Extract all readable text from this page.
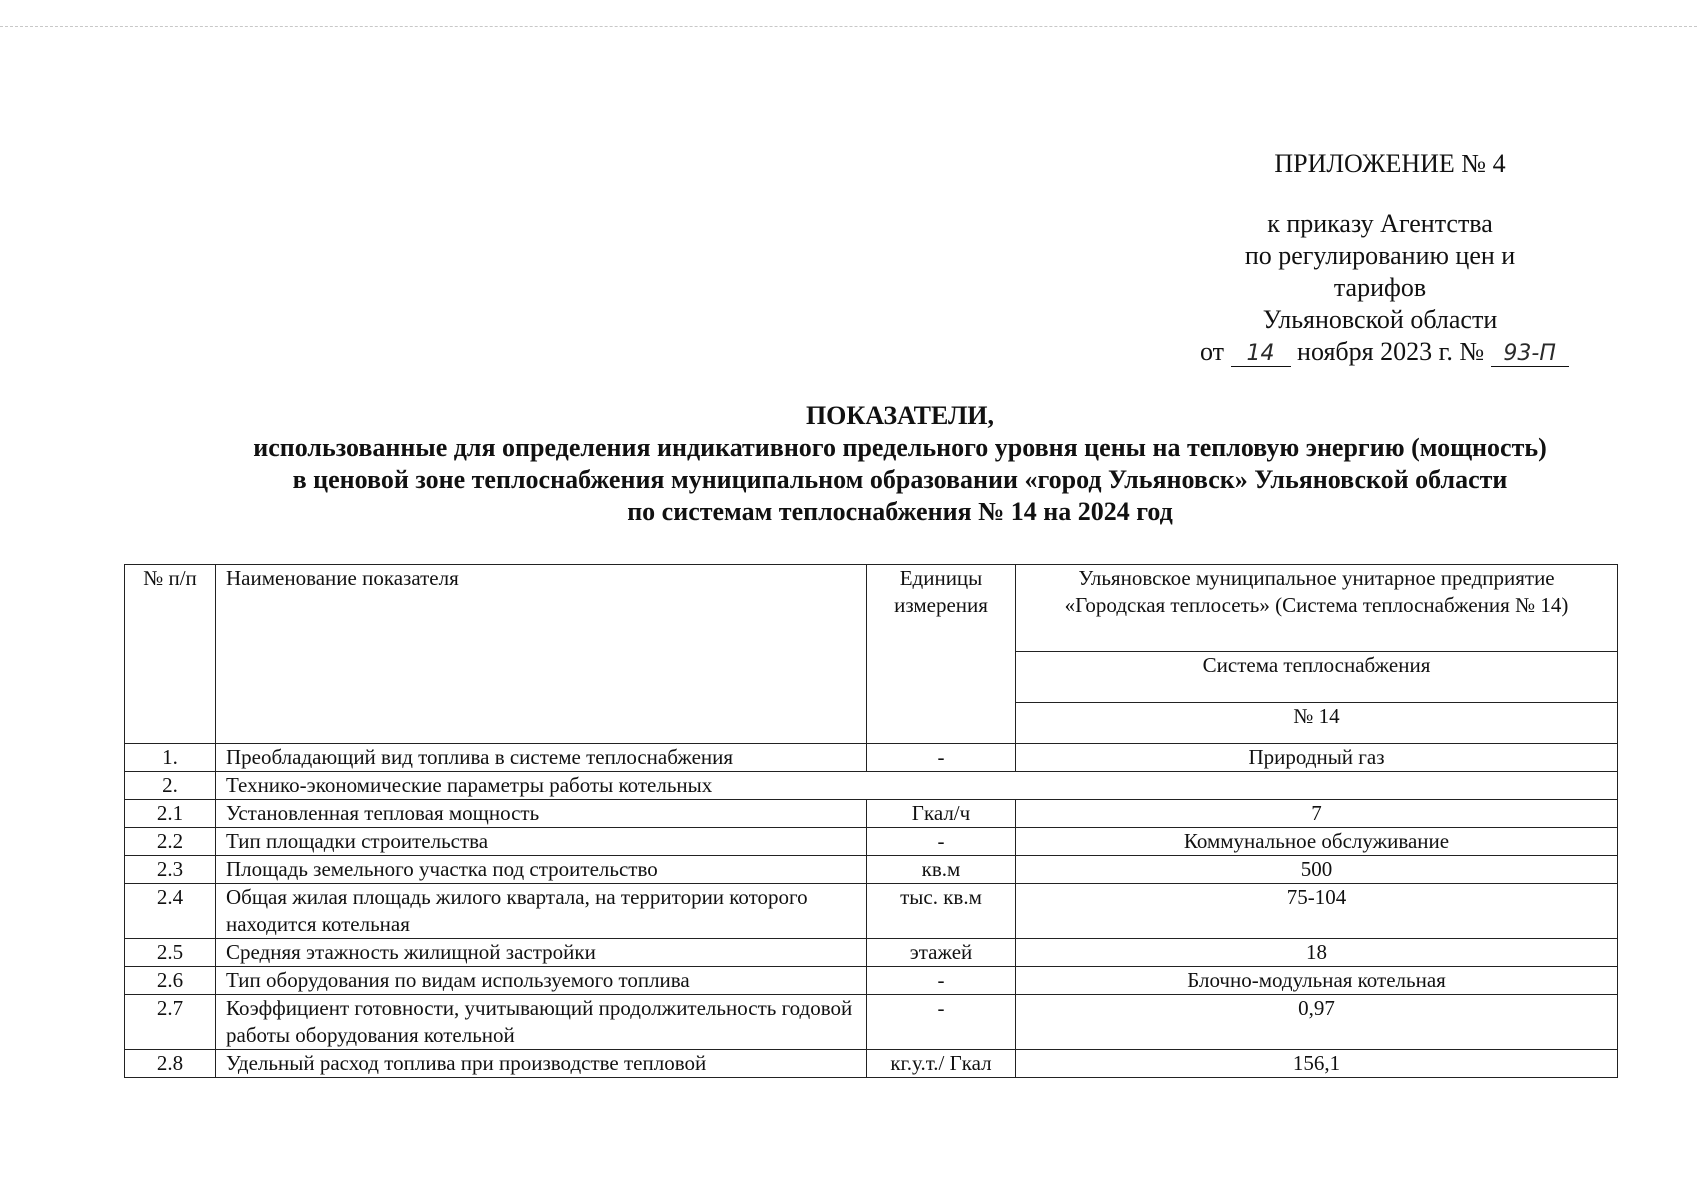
ПРИЛОЖЕНИЕ № 4
к приказу Агентства
по регулированию цен и тарифов
Ульяновской области
от 14 ноября 2023 г. № 93-П
ПОКАЗАТЕЛИ,
использованные для определения индикативного предельного уровня цены на тепловую энергию (мощность)
в ценовой зоне теплоснабжения муниципальном образовании «город Ульяновск» Ульяновской области
по системам теплоснабжения № 14 на 2024 год
№ п/п	Наименование показателя	Единицы измерения	Ульяновское муниципальное унитарное предприятие «Городская теплосеть» (Система теплоснабжения № 14)
			Система теплоснабжения
			№ 14
1.	Преобладающий вид топлива в системе теплоснабжения	-	Природный газ
2.	Технико-экономические параметры работы котельных		
2.1	Установленная тепловая мощность	Гкал/ч	7
2.2	Тип площадки строительства	-	Коммунальное обслуживание
2.3	Площадь земельного участка под строительство	кв.м	500
2.4	Общая жилая площадь жилого квартала, на территории которого находится котельная	тыс. кв.м	75-104
2.5	Средняя этажность жилищной застройки	этажей	18
2.6	Тип оборудования по видам используемого топлива	-	Блочно-модульная котельная
2.7	Коэффициент готовности, учитывающий продолжительность годовой работы оборудования котельной	-	0,97
2.8	Удельный расход топлива при производстве тепловой	кг.у.т./ Гкал	156,1
